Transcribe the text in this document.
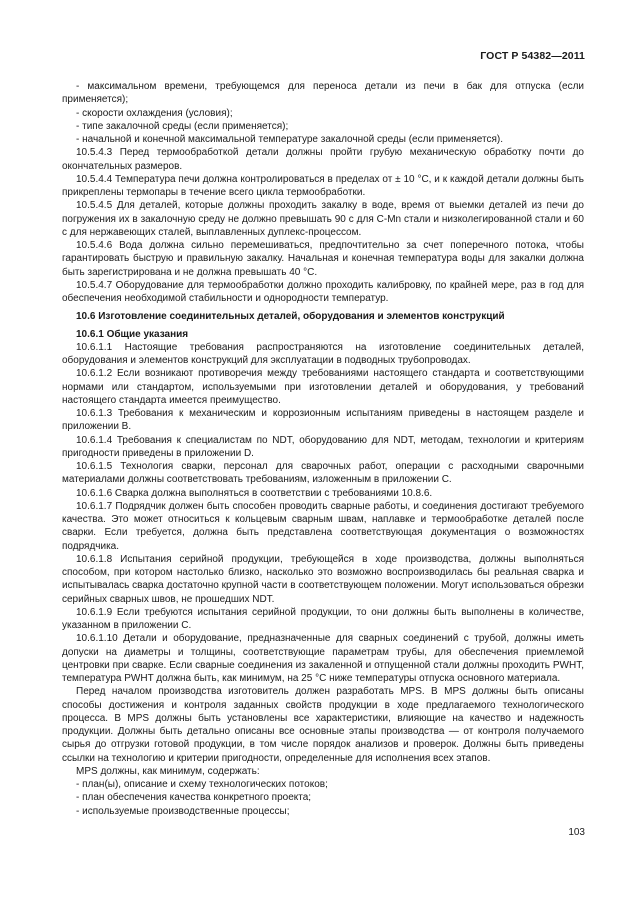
ГОСТ Р 54382—2011

- максимальном времени, требующемся для переноса детали из печи в бак для отпуска (если применяется);

- скорости охлаждения (условия);

- типе закалочной среды (если применяется);

- начальной и конечной максимальной температуре закалочной среды (если применяется).

10.5.4.3 Перед термообработкой детали должны пройти грубую механическую обработку почти до окончательных размеров.

10.5.4.4 Температура печи должна контролироваться в пределах от ± 10 °С, и к каждой детали должны быть прикреплены термопары в течение всего цикла термообработки.

10.5.4.5 Для деталей, которые должны проходить закалку в воде, время от выемки деталей из печи до погружения их в закалочную среду не должно превышать 90 с для С-Мn стали и низколегированной стали и 60 с для нержавеющих сталей, выплавленных дуплекс-процессом.

10.5.4.6 Вода должна сильно перемешиваться, предпочтительно за счет поперечного потока, чтобы гарантировать быструю и правильную закалку. Начальная и конечная температура воды для закалки должна быть зарегистрирована и не должна превышать 40 °С.

10.5.4.7 Оборудование для термообработки должно проходить калибровку, по крайней мере, раз в год для обеспечения необходимой стабильности и однородности температур.

10.6 Изготовление соединительных деталей, оборудования и элементов конструкций

10.6.1 Общие указания

10.6.1.1 Настоящие требования распространяются на изготовление соединительных деталей, оборудования и элементов конструкций для эксплуатации в подводных трубопроводах.

10.6.1.2 Если возникают противоречия между требованиями настоящего стандарта и соответствующими нормами или стандартом, используемыми при изготовлении деталей и оборудования, у требований настоящего стандарта имеется преимущество.

10.6.1.3 Требования к механическим и коррозионным испытаниям приведены в настоящем разделе и приложении В.

10.6.1.4 Требования к специалистам по NDT, оборудованию для NDT, методам, технологии и критериям пригодности приведены в приложении D.

10.6.1.5 Технология сварки, персонал для сварочных работ, операции с расходными сварочными материалами должны соответствовать требованиям, изложенным в приложении С.

10.6.1.6 Сварка должна выполняться в соответствии с требованиями 10.8.6.

10.6.1.7 Подрядчик должен быть способен проводить сварные работы, и соединения достигают требуемого качества. Это может относиться к кольцевым сварным швам, наплавке и термообработке деталей после сварки. Если требуется, должна быть представлена соответствующая документация о возможностях подрядчика.

10.6.1.8 Испытания серийной продукции, требующейся в ходе производства, должны выполняться способом, при котором настолько близко, насколько это возможно воспроизводилась бы реальная сварка и испытывалась сварка достаточно крупной части в соответствующем положении. Могут использоваться обрезки серийных сварных швов, не прошедших NDT.

10.6.1.9 Если требуются испытания серийной продукции, то они должны быть выполнены в количестве, указанном в приложении С.

10.6.1.10 Детали и оборудование, предназначенные для сварных соединений с трубой, должны иметь допуски на диаметры и толщины, соответствующие параметрам трубы, для обеспечения приемлемой центровки при сварке. Если сварные соединения из закаленной и отпущенной стали должны проходить PWHT, температура PWHT должна быть, как минимум, на 25 °С ниже температуры отпуска основного материала.

Перед началом производства изготовитель должен разработать MPS. В MPS должны быть описаны способы достижения и контроля заданных свойств продукции в ходе предлагаемого технологического процесса. В MPS должны быть установлены все характеристики, влияющие на качество и надежность продукции. Должны быть детально описаны все основные этапы производства — от контроля получаемого сырья до отгрузки готовой продукции, в том числе порядок анализов и проверок. Должны быть приведены ссылки на технологию и критерии пригодности, определенные для исполнения всех этапов.

MPS должны, как минимум, содержать:

- план(ы), описание и схему технологических потоков;

- план обеспечения качества конкретного проекта;

- используемые производственные процессы;

103
